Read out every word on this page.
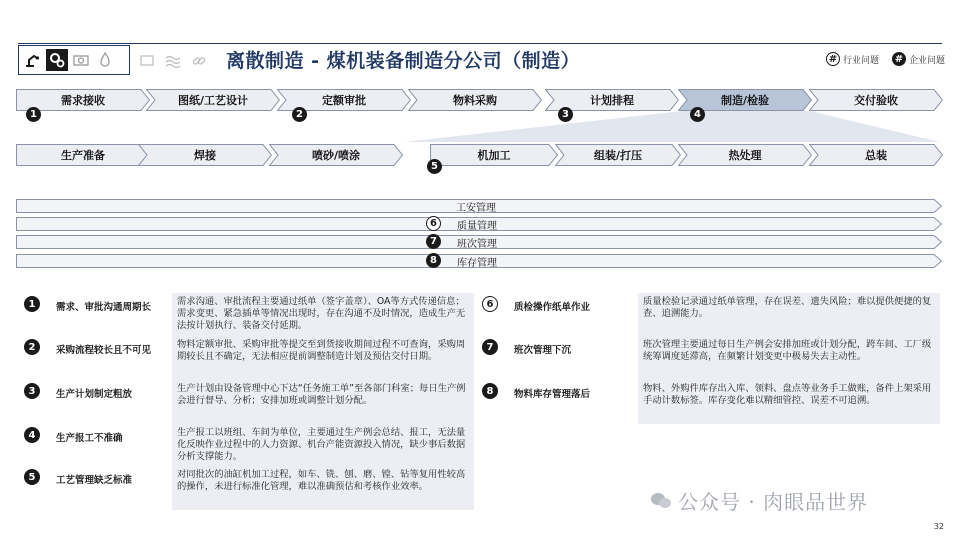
离散制造 - 煤机装备制造分公司（制造）	# 行业问题 # 企业问题
需求接收
1
图纸/工艺设计	定额审批
2
物料采购	计划排程
3
制造/检验
4
交付验收
生产准备	焊接	喷砂/喷涂	机加工
5
组装/打压	热处理	总装
工安管理
6	质量管理
7	班次管理
8	库存管理
1	需求、审批沟通周期长
需求沟通、审批流程主要通过纸单（签字盖章）、OA等方式传递信息；需求变更、紧急插单等情况出现时，存在沟通不及时情况，造成生产无法按计划执行、装备交付延期。
2	采购流程较长且不可见
物料定额审批、采购审批等提交至到货接收期间过程不可查询，采购周期较长且不确定，无法相应提前调整制造计划及预估交付日期。
3	生产计划制定粗放
生产计划由设备管理中心下达“任务施工单”至各部门科室；每日生产例会进行督导、分析；安排加班或调整计划分配。
4	生产报工不准确
生产报工以班组、车间为单位，主要通过生产例会总结、报工，无法量化反映作业过程中的人力资源、机台产能资源投入情况，缺少事后数据分析支撑能力。
5	工艺管理缺乏标准
对同批次的油缸机加工过程，如车、铣、刨、磨、镗、钻等复用性较高的操作，未进行标准化管理，难以准确预估和考核作业效率。
6	质检操作纸单作业
质量检验记录通过纸单管理，存在误差、遗失风险；难以提供便捷的复查、追溯能力。
7	班次管理下沉
班次管理主要通过每日生产例会安排加班或计划分配，跨车间、工厂级统筹调度延滞高，在频繁计划变更中极易失去主动性。
8	物料库存管理落后
物料、外购件库存出入库、领料、盘点等业务手工做账，备件上架采用手动计数标签。库存变化难以精细管控、误差不可追溯。
公众号 · 肉眼品世界
32
